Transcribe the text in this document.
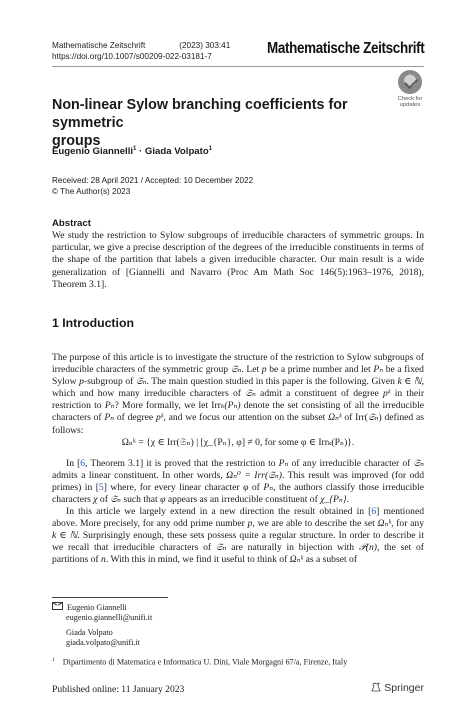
Mathematische Zeitschrift	(2023) 303:41
https://doi.org/10.1007/s00209-022-03181-7	Mathematische Zeitschrift
Check for
updates
Non-linear Sylow branching coefficients for symmetric
groups
Eugenio Giannelli$^1$ · Giada Volpato$^1$
Received: 28 April 2021 / Accepted: 10 December 2022
© The Author(s) 2023
Abstract
We study the restriction to Sylow subgroups of irreducible characters of symmetric groups. In particular, we give a precise description of the degrees of the irreducible constituents in terms of the shape of the partition that labels a given irreducible character. Our main result is a wide generalization of [Giannelli and Navarro (Proc Am Math Soc 146(5):1963–1976, 2018), Theorem 3.1].
1 Introduction

The purpose of this article is to investigate the structure of the restriction to Sylow subgroups of irreducible characters of the symmetric group 𝔖ₙ. Let p be a prime number and let Pₙ be a fixed Sylow p-subgroup of 𝔖ₙ. The main question studied in this paper is the following. Given k ∈ ℕ, which and how many irreducible characters of 𝔖ₙ admit a constituent of degree pᵏ in their restriction to Pₙ? More formally, we let Irrₖ(Pₙ) denote the set consisting of all the irreducible characters of Pₙ of degree pᵏ, and we focus our attention on the subset Ωₙᵏ of Irr(𝔖ₙ) defined as follows:

Ωₙᵏ = {χ ∈ Irr(𝔖ₙ) | [χ_{Pₙ}, φ] ≠ 0, for some φ ∈ Irrₖ(Pₙ)}.

In [6, Theorem 3.1] it is proved that the restriction to Pₙ of any irreducible character of 𝔖ₙ admits a linear constituent. In other words, Ωₙ⁰ = Irr(𝔖ₙ). This result was improved (for odd primes) in [5] where, for every linear character φ of Pₙ, the authors classify those irreducible characters χ of 𝔖ₙ such that φ appears as an irreducible constituent of χ_{Pₙ}.

In this article we largely extend in a new direction the result obtained in [6] mentioned above. More precisely, for any odd prime number p, we are able to describe the set Ωₙᵏ, for any k ∈ ℕ. Surprisingly enough, these sets possess quite a regular structure. In order to describe it we recall that irreducible characters of 𝔖ₙ are naturally in bijection with 𝒫(n), the set of partitions of n. With this in mind, we find it useful to think of Ωₙᵏ as a subset of

Eugenio Giannelli
eugenio.giannelli@unifi.it
Giada Volpato
giada.volpato@unifi.it
$^1$ Dipartimento di Matematica e Informatica U. Dini, Viale Morgagni 67/a, Firenze, Italy
Published online: 11 January 2023	Springer
